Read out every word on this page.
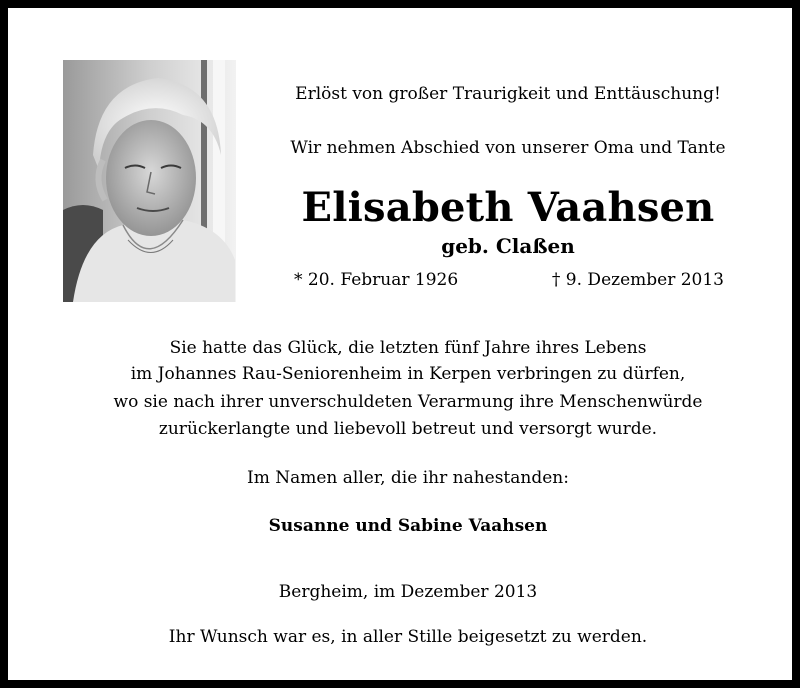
Erlöst von großer Traurigkeit und Enttäuschung!
Wir nehmen Abschied von unserer Oma und Tante
Elisabeth Vaahsen
geb. Claßen
* 20. Februar 1926	† 9. Dezember 2013
Sie hatte das Glück, die letzten fünf Jahre ihres Lebens
im Johannes Rau-Seniorenheim in Kerpen verbringen zu dürfen,
wo sie nach ihrer unverschuldeten Verarmung ihre Menschenwürde
zurückerlangte und liebevoll betreut und versorgt wurde.
Im Namen aller, die ihr nahestanden:
Susanne und Sabine Vaahsen
Bergheim, im Dezember 2013
Ihr Wunsch war es, in aller Stille beigesetzt zu werden.
